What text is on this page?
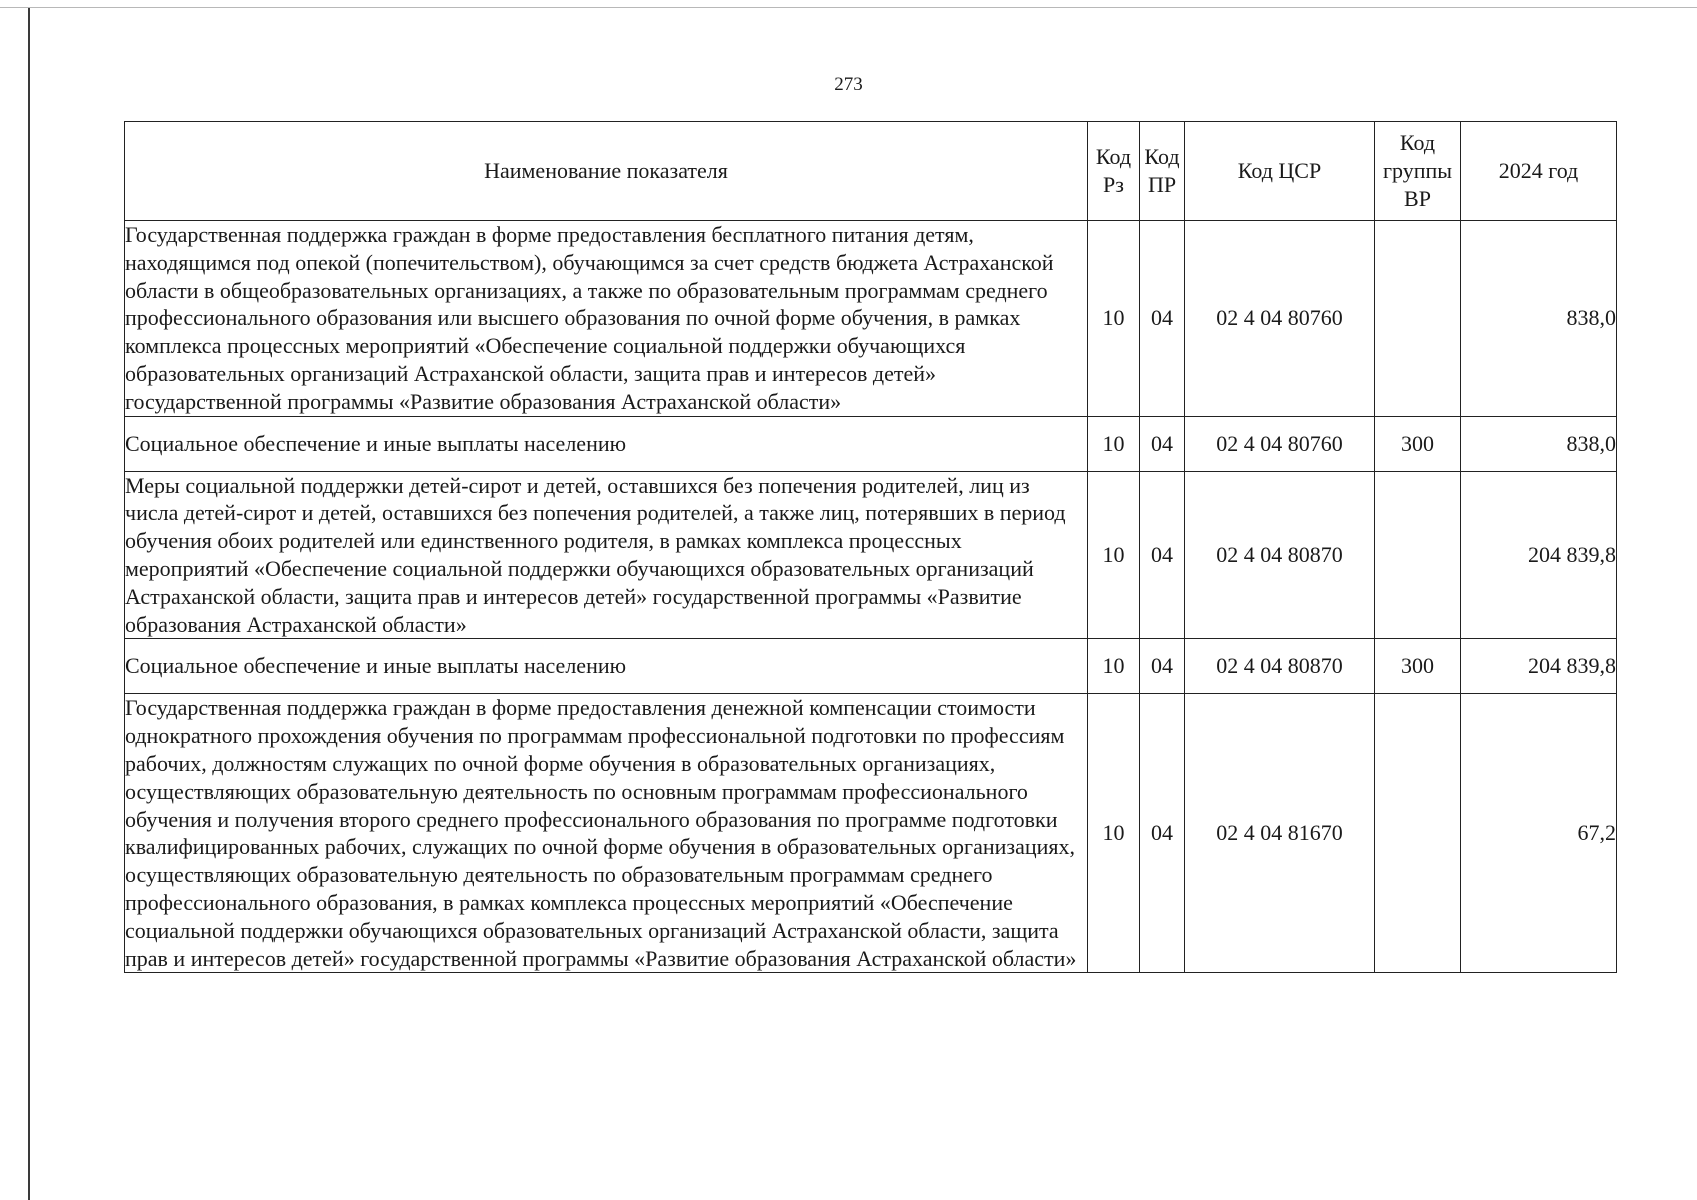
273
Наименование показателя	Код Рз	Код ПР	Код ЦСР	Код группы ВР	2024 год
Государственная поддержка граждан в форме предоставления бесплатного питания детям, находящимся под опекой (попечительством), обучающимся за счет средств бюджета Астраханской области в общеобразовательных организациях, а также по образовательным программам среднего профессионального образования или высшего образования по очной форме обучения, в рамках комплекса процессных мероприятий «Обеспечение социальной поддержки обучающихся образовательных организаций Астраханской области, защита прав и интересов детей» государственной программы «Развитие образования Астраханской области»	10	04	02 4 04 80760		838,0
Социальное обеспечение и иные выплаты населению	10	04	02 4 04 80760	300	838,0
Меры социальной поддержки детей-сирот и детей, оставшихся без попечения родителей, лиц из числа детей-сирот и детей, оставшихся без попечения родителей, а также лиц, потерявших в период обучения обоих родителей или единственного родителя, в рамках комплекса процессных мероприятий «Обеспечение социальной поддержки обучающихся образовательных организаций Астраханской области, защита прав и интересов детей» государственной программы «Развитие образования Астраханской области»	10	04	02 4 04 80870		204 839,8
Социальное обеспечение и иные выплаты населению	10	04	02 4 04 80870	300	204 839,8
Государственная поддержка граждан в форме предоставления денежной компенсации стоимости однократного прохождения обучения по программам профессиональной подготовки по профессиям рабочих, должностям служащих по очной форме обучения в образовательных организациях, осуществляющих образовательную деятельность по основным программам профессионального обучения и получения второго среднего профессионального образования по программе подготовки квалифицированных рабочих, служащих по очной форме обучения в образовательных организациях, осуществляющих образовательную деятельность по образовательным программам среднего профессионального образования, в рамках комплекса процессных мероприятий «Обеспечение социальной поддержки обучающихся образовательных организаций Астраханской области, защита прав и интересов детей» государственной программы «Развитие образования Астраханской области»	10	04	02 4 04 81670		67,2
